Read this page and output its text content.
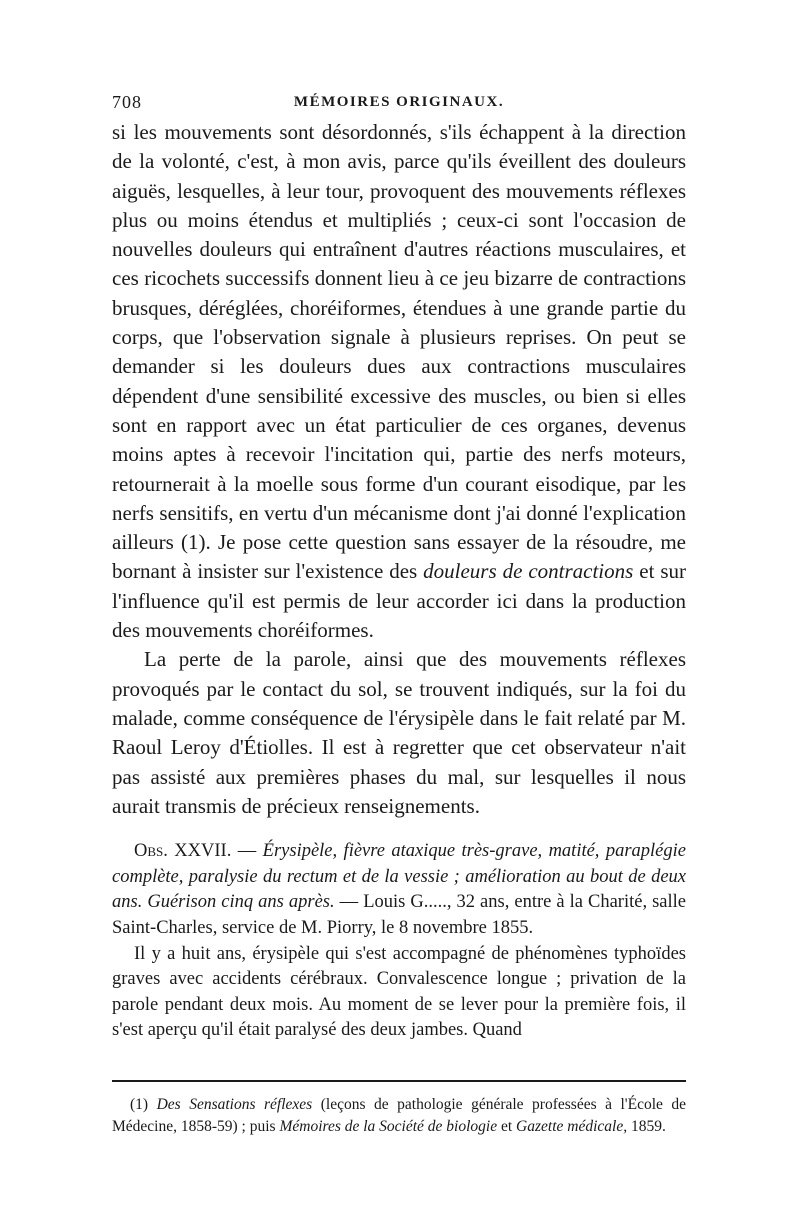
708	MÉMOIRES ORIGINAUX.

si les mouvements sont désordonnés, s'ils échappent à la direction de la volonté, c'est, à mon avis, parce qu'ils éveillent des douleurs aiguës, lesquelles, à leur tour, provoquent des mouvements réflexes plus ou moins étendus et multipliés ; ceux-ci sont l'occasion de nouvelles douleurs qui entraînent d'autres réactions musculaires, et ces ricochets successifs donnent lieu à ce jeu bizarre de contractions brusques, déréglées, choréiformes, étendues à une grande partie du corps, que l'observation signale à plusieurs reprises. On peut se demander si les douleurs dues aux contractions musculaires dépendent d'une sensibilité excessive des muscles, ou bien si elles sont en rapport avec un état particulier de ces organes, devenus moins aptes à recevoir l'incitation qui, partie des nerfs moteurs, retournerait à la moelle sous forme d'un courant eisodique, par les nerfs sensitifs, en vertu d'un mécanisme dont j'ai donné l'explication ailleurs (1). Je pose cette question sans essayer de la résoudre, me bornant à insister sur l'existence des douleurs de contractions et sur l'influence qu'il est permis de leur accorder ici dans la production des mouvements choréiformes.

La perte de la parole, ainsi que des mouvements réflexes provoqués par le contact du sol, se trouvent indiqués, sur la foi du malade, comme conséquence de l'érysipèle dans le fait relaté par M. Raoul Leroy d'Étiolles. Il est à regretter que cet observateur n'ait pas assisté aux premières phases du mal, sur lesquelles il nous aurait transmis de précieux renseignements.

Obs. XXVII. — Érysipèle, fièvre ataxique très-grave, matité, paraplégie complète, paralysie du rectum et de la vessie ; amélioration au bout de deux ans. Guérison cinq ans après. — Louis G....., 32 ans, entre à la Charité, salle Saint-Charles, service de M. Piorry, le 8 novembre 1855.

Il y a huit ans, érysipèle qui s'est accompagné de phénomènes typhoïdes graves avec accidents cérébraux. Convalescence longue ; privation de la parole pendant deux mois. Au moment de se lever pour la première fois, il s'est aperçu qu'il était paralysé des deux jambes. Quand

(1) Des Sensations réflexes (leçons de pathologie générale professées à l'École de Médecine, 1858-59) ; puis Mémoires de la Société de biologie et Gazette médicale, 1859.
